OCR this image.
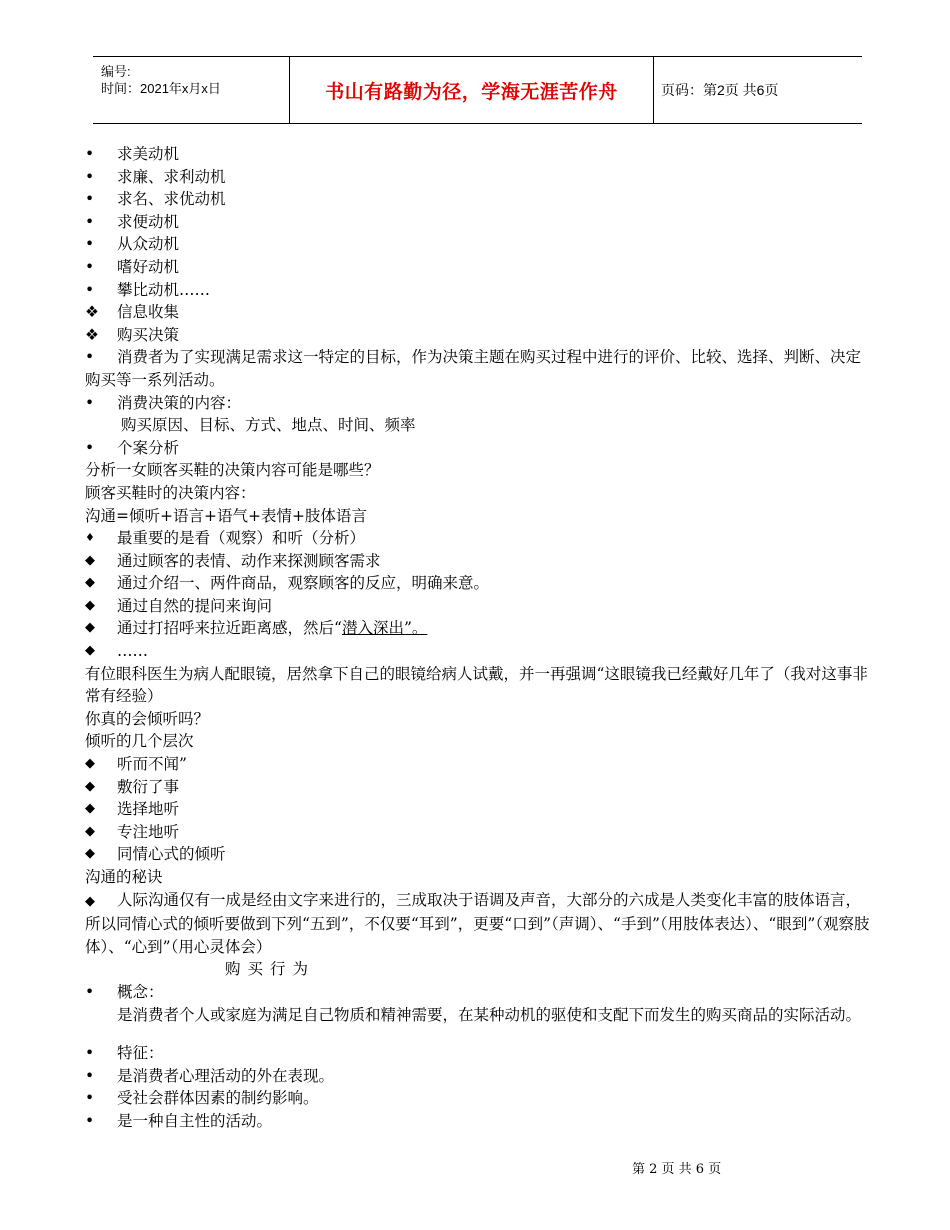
编号:
时间：2021年x月x日	书山有路勤为径，学海无涯苦作舟	页码：第2页 共6页
•	求美动机
•	求廉、求利动机
•	求名、求优动机
•	求便动机
•	从众动机
•	嗜好动机
•	攀比动机……
❖	信息收集
❖	购买决策
• 消费者为了实现满足需求这一特定的目标，作为决策主题在购买过程中进行的评价、比较、选择、判断、决定购买等一系列活动。
•	消费决策的内容：
购买原因、目标、方式、地点、时间、频率
•	个案分析
分析一女顾客买鞋的决策内容可能是哪些？
顾客买鞋时的决策内容：
沟通=倾听+语言+语气+表情+肢体语言
♦	最重要的是看（观察）和听（分析）
◆	通过顾客的表情、动作来探测顾客需求
◆	通过介绍一、两件商品，观察顾客的反应，明确来意。
◆	通过自然的提问来询问
◆	通过打招呼来拉近距离感，然后“潜入深出”。
◆	……
有位眼科医生为病人配眼镜，居然拿下自己的眼镜给病人试戴，并一再强调“这眼镜我已经戴好几年了（我对这事非常有经验）
你真的会倾听吗？
倾听的几个层次
◆	听而不闻”
◆	敷衍了事
◆	选择地听
◆	专注地听
◆	同情心式的倾听
沟通的秘诀
◆ 人际沟通仅有一成是经由文字来进行的，三成取决于语调及声音，大部分的六成是人类变化丰富的肢体语言，所以同情心式的倾听要做到下列“五到”，不仅要“耳到”，更要“口到”（声调）、“手到”（用肢体表达）、“眼到”（观察肢体）、“心到”（用心灵体会）
购买行为
•	概念：
是消费者个人或家庭为满足自己物质和精神需要，在某种动机的驱使和支配下而发生的购买商品的实际活动。
•	特征：
•	是消费者心理活动的外在表现。
•	受社会群体因素的制约影响。
•	是一种自主性的活动。
第 2 页 共 6 页
